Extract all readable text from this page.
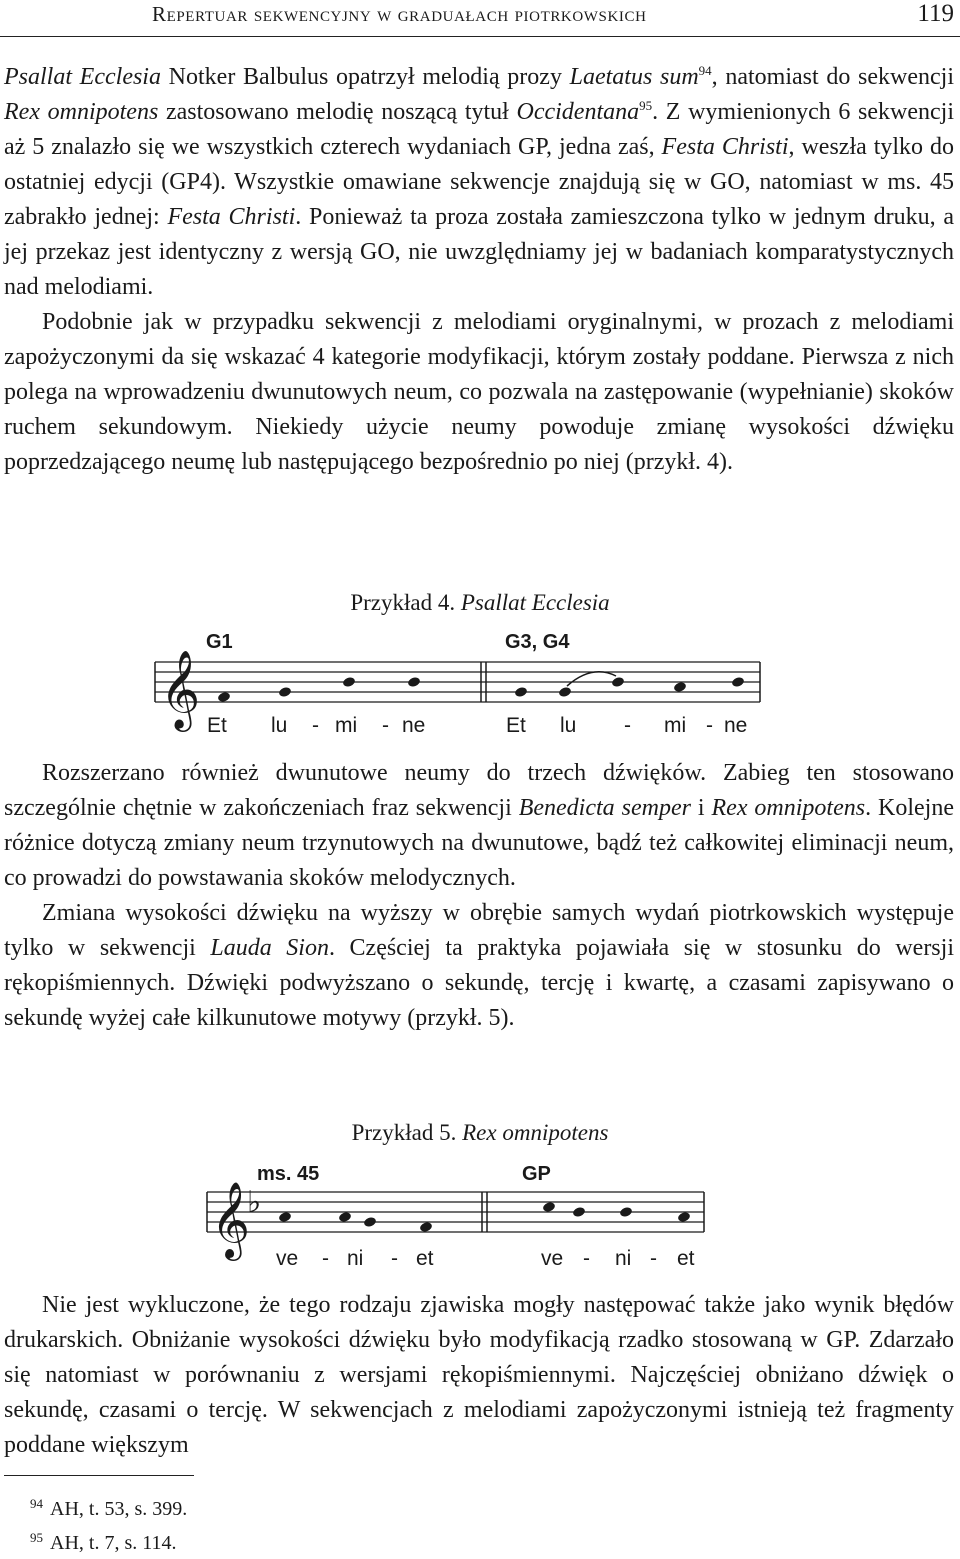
Repertuar sekwencyjny w graduałach piotrkowskich	119

Psallat Ecclesia Notker Balbulus opatrzył melodią prozy Laetatus sum$^{94}$, natomiast do sekwencji Rex omnipotens zastosowano melodię noszącą tytuł Occidentana$^{95}$. Z wymienionych 6 sekwencji aż 5 znalazło się we wszystkich czterech wydaniach GP, jedna zaś, Festa Christi, weszła tylko do ostatniej edycji (GP4). Wszystkie omawiane sekwencje znajdują się w GO, natomiast w ms. 45 zabrakło jednej: Festa Christi. Ponieważ ta proza została zamieszczona tylko w jednym druku, a jej przekaz jest identyczny z wersją GO, nie uwzględniamy jej w badaniach komparatystycznych nad melodiami.

Podobnie jak w przypadku sekwencji z melodiami oryginalnymi, w prozach z melodiami zapożyczonymi da się wskazać 4 kategorie modyfikacji, którym zostały poddane. Pierwsza z nich polega na wprowadzeniu dwunutowych neum, co pozwala na zastępowanie (wypełnianie) skoków ruchem sekundowym. Niekiedy użycie neumy powoduje zmianę wysokości dźwięku poprzedzającego neumę lub następującego bezpośrednio po niej (przykł. 4).

Przykład 4. Psallat Ecclesia
𝄞
G1	G3, G4
Et lu - mi - ne	Et lu - mi - ne

Rozszerzano również dwunutowe neumy do trzech dźwięków. Zabieg ten stosowano szczególnie chętnie w zakończeniach fraz sekwencji Benedicta semper i Rex omnipotens. Kolejne różnice dotyczą zmiany neum trzynutowych na dwunutowe, bądź też całkowitej eliminacji neum, co prowadzi do powstawania skoków melodycznych.

Zmiana wysokości dźwięku na wyższy w obrębie samych wydań piotrkowskich występuje tylko w sekwencji Lauda Sion. Częściej ta praktyka pojawiała się w stosunku do wersji rękopiśmiennych. Dźwięki podwyższano o sekundę, tercję i kwartę, a czasami zapisywano o sekundę wyżej całe kilkunutowe motywy (przykł. 5).

Przykład 5. Rex omnipotens
𝄞
♭
ms. 45	GP
ve - ni - et	ve - ni - et

Nie jest wykluczone, że tego rodzaju zjawiska mogły następować także jako wynik błędów drukarskich. Obniżanie wysokości dźwięku było modyfikacją rzadko stosowaną w GP. Zdarzało się natomiast w porównaniu z wersjami rękopiśmiennymi. Najczęściej obniżano dźwięk o sekundę, czasami o tercję. W sekwencjach z melodiami zapożyczonymi istnieją też fragmenty poddane większym

94 AH, t. 53, s. 399.
95 AH, t. 7, s. 114.
